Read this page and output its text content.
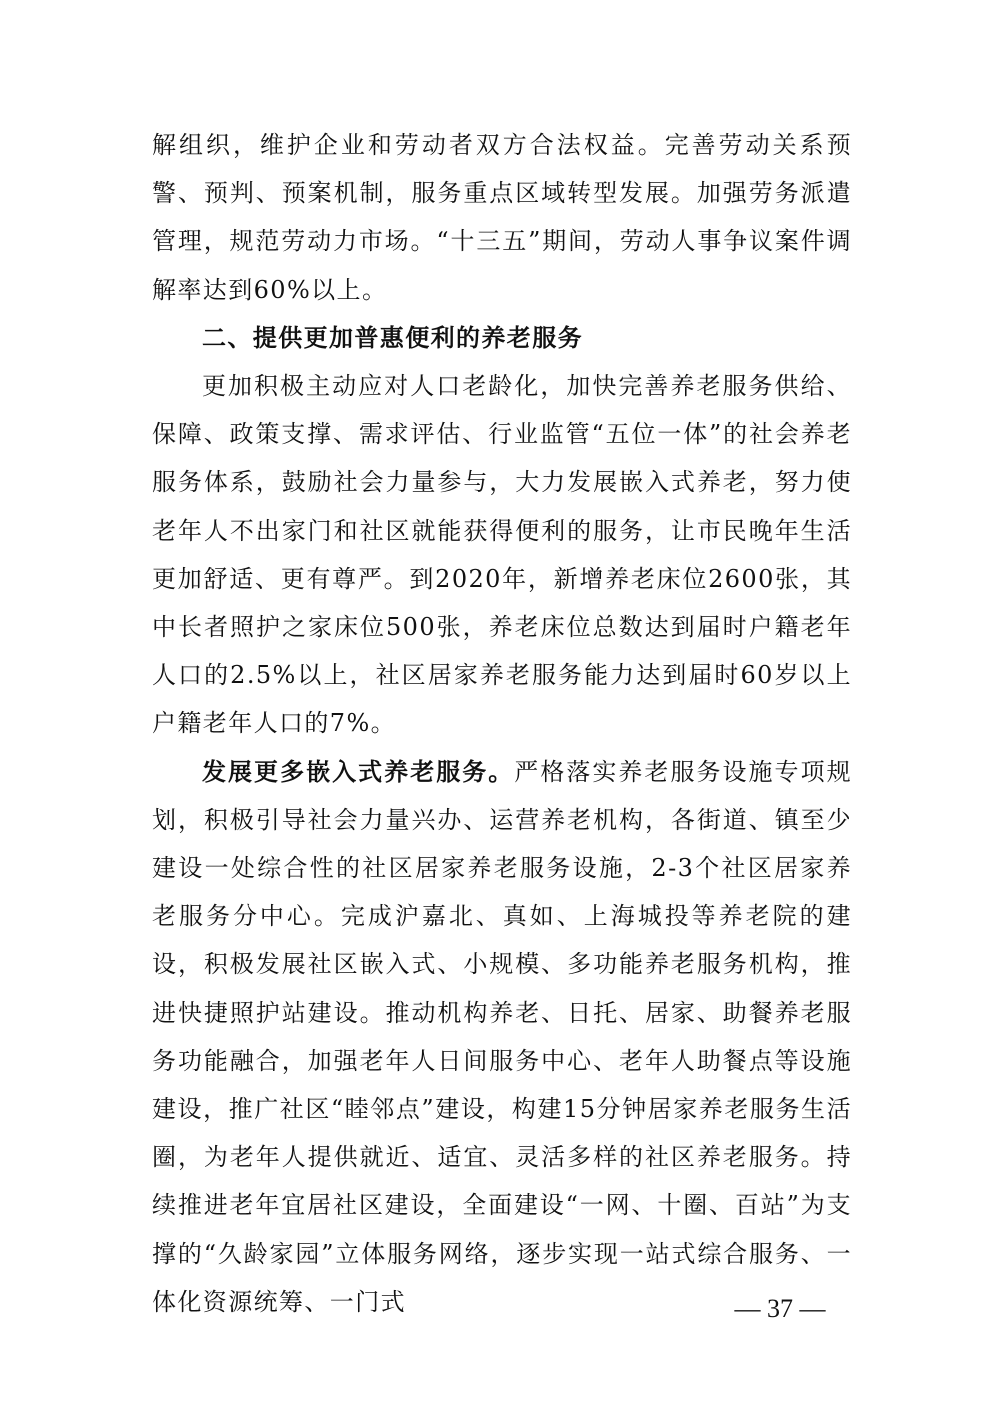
解组织，维护企业和劳动者双方合法权益。完善劳动关系预警、预判、预案机制，服务重点区域转型发展。加强劳务派遣管理，规范劳动力市场。“十三五”期间，劳动人事争议案件调解率达到60%以上。

二、提供更加普惠便利的养老服务

更加积极主动应对人口老龄化，加快完善养老服务供给、保障、政策支撑、需求评估、行业监管“五位一体”的社会养老服务体系，鼓励社会力量参与，大力发展嵌入式养老，努力使老年人不出家门和社区就能获得便利的服务，让市民晚年生活更加舒适、更有尊严。到2020年，新增养老床位2600张，其中长者照护之家床位500张，养老床位总数达到届时户籍老年人口的2.5%以上，社区居家养老服务能力达到届时60岁以上户籍老年人口的7%。

发展更多嵌入式养老服务。严格落实养老服务设施专项规划，积极引导社会力量兴办、运营养老机构，各街道、镇至少建设一处综合性的社区居家养老服务设施，2-3个社区居家养老服务分中心。完成沪嘉北、真如、上海城投等养老院的建设，积极发展社区嵌入式、小规模、多功能养老服务机构，推进快捷照护站建设。推动机构养老、日托、居家、助餐养老服务功能融合，加强老年人日间服务中心、老年人助餐点等设施建设，推广社区“睦邻点”建设，构建15分钟居家养老服务生活圈，为老年人提供就近、适宜、灵活多样的社区养老服务。持续推进老年宜居社区建设，全面建设“一网、十圈、百站”为支撑的“久龄家园”立体服务网络，逐步实现一站式综合服务、一体化资源统筹、一门式	— 37 —
